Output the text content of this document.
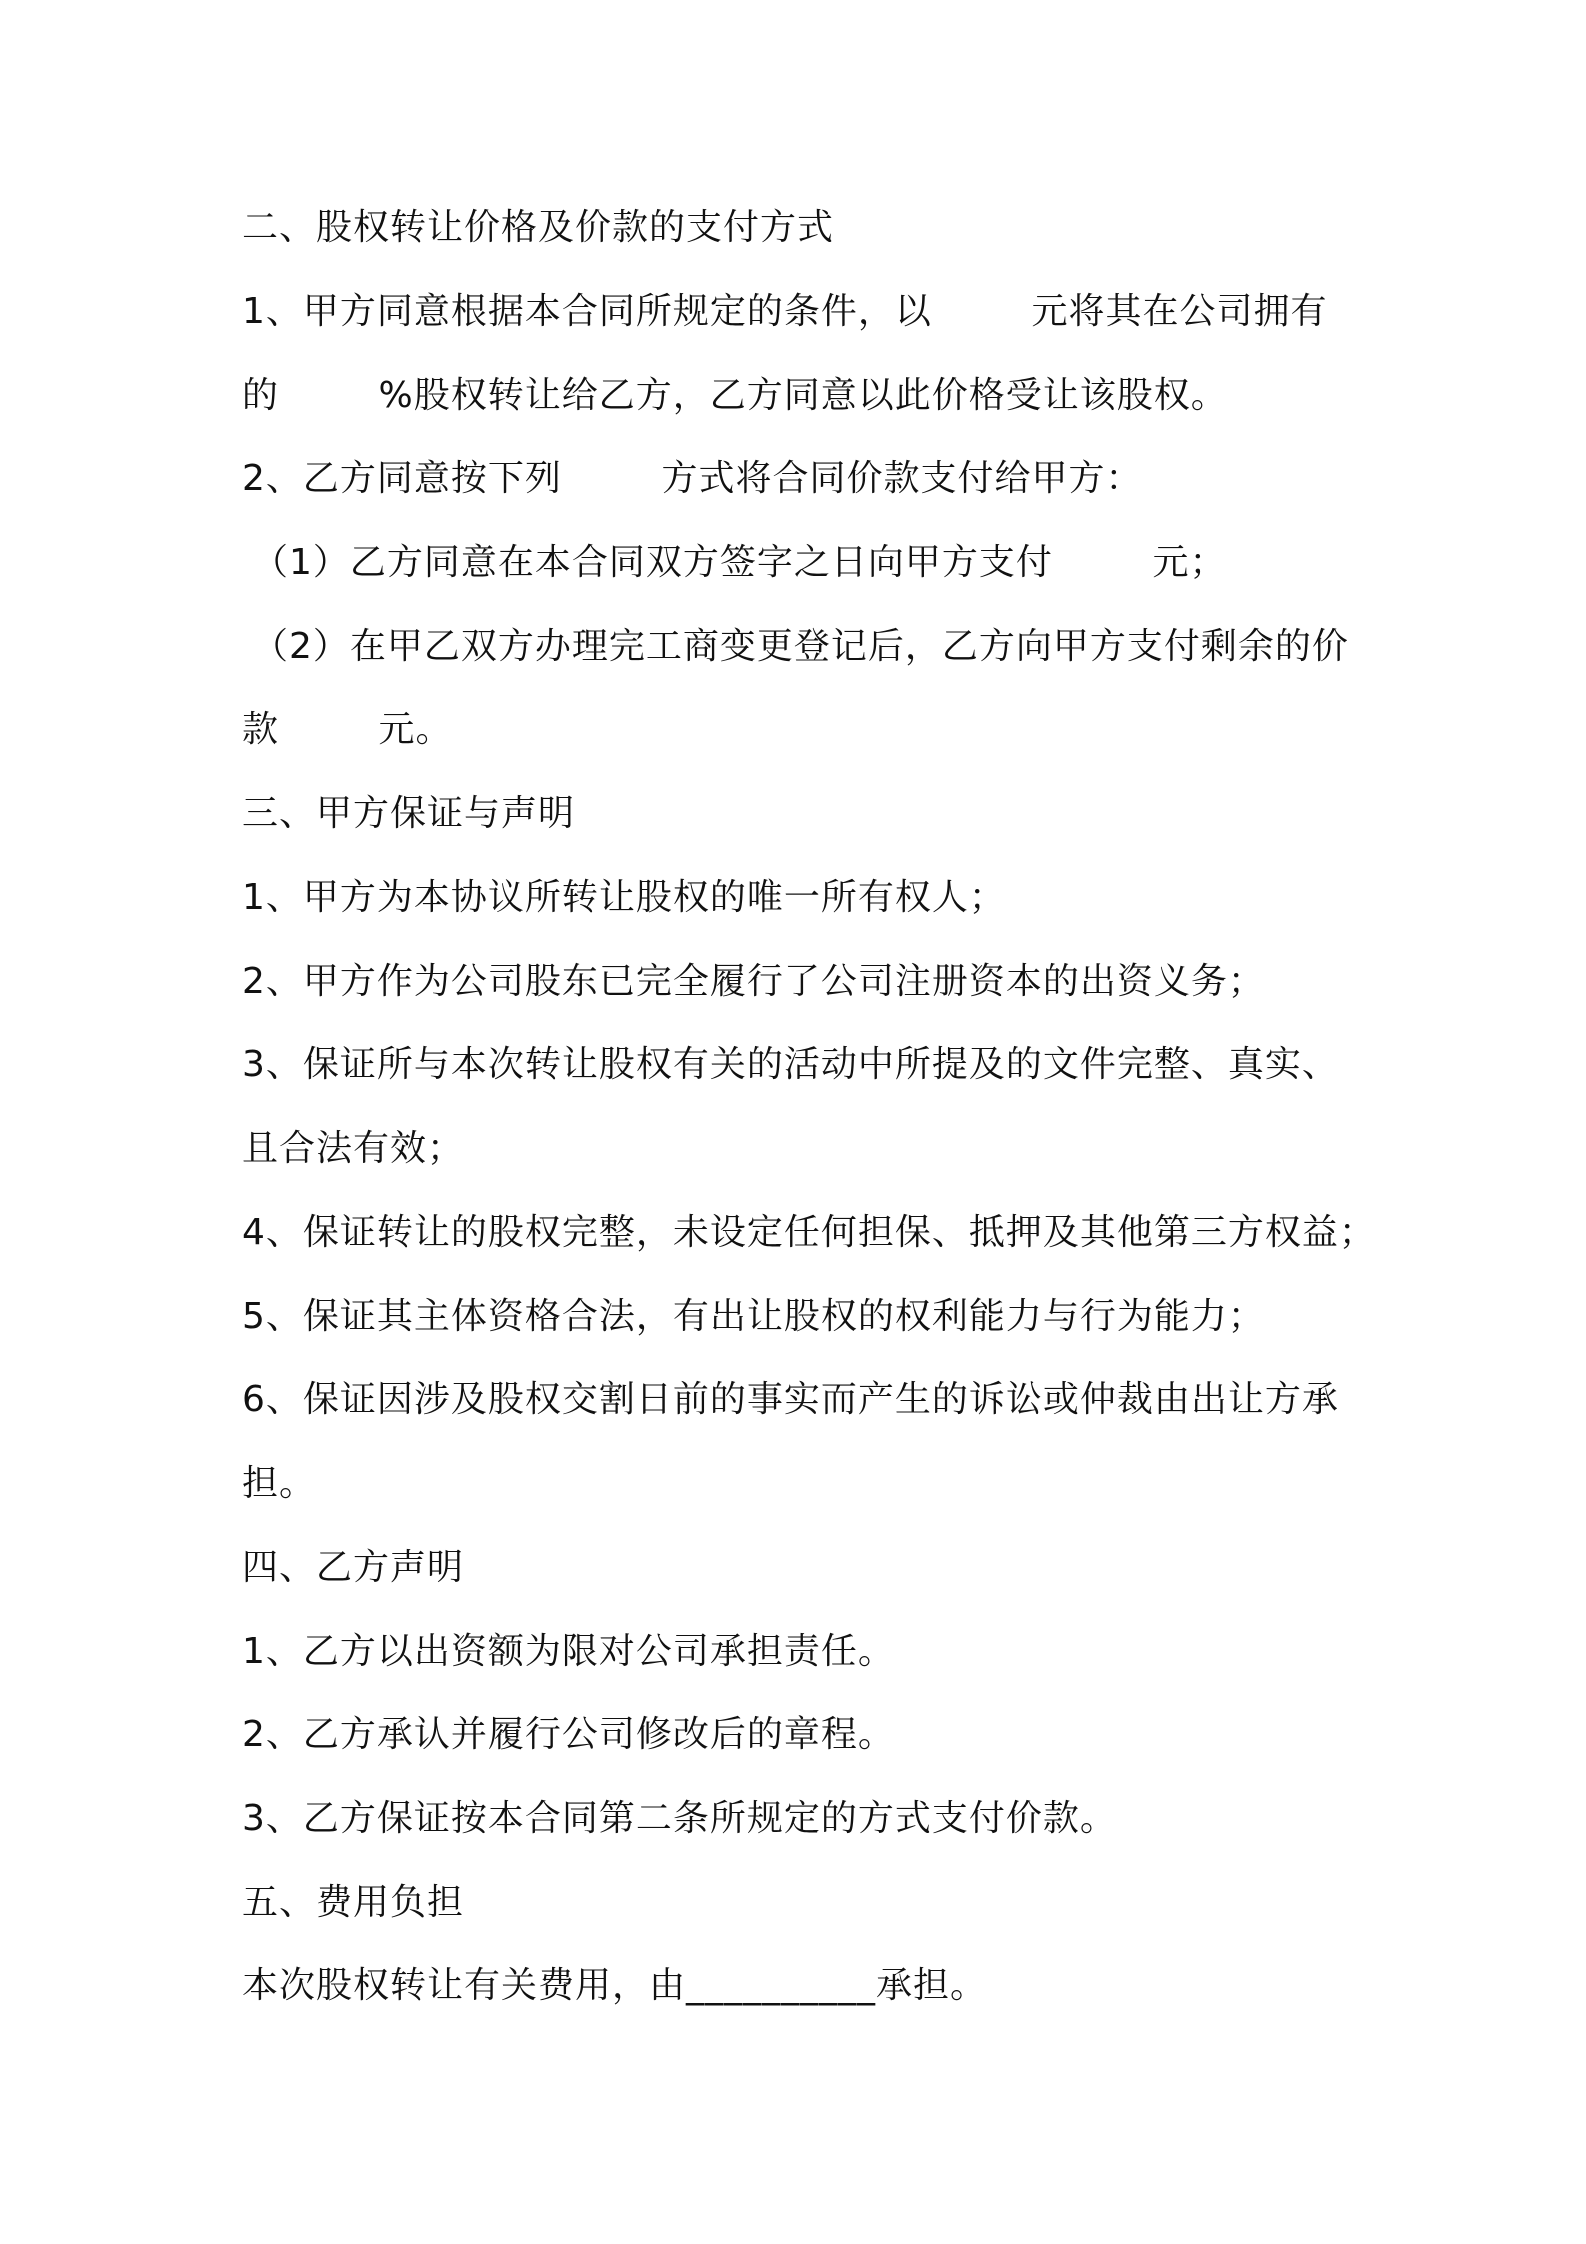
二、股权转让价格及价款的支付方式

1、甲方同意根据本合同所规定的条件，以        元将其在公司拥有

的        %股权转让给乙方，乙方同意以此价格受让该股权。

2、乙方同意按下列        方式将合同价款支付给甲方：

（1）乙方同意在本合同双方签字之日向甲方支付        元；

（2）在甲乙双方办理完工商变更登记后，乙方向甲方支付剩余的价

款        元。

三、甲方保证与声明

1、甲方为本协议所转让股权的唯一所有权人；

2、甲方作为公司股东已完全履行了公司注册资本的出资义务；

3、保证所与本次转让股权有关的活动中所提及的文件完整、真实、

且合法有效；

4、保证转让的股权完整，未设定任何担保、抵押及其他第三方权益；

5、保证其主体资格合法，有出让股权的权利能力与行为能力；

6、保证因涉及股权交割日前的事实而产生的诉讼或仲裁由出让方承

担。

四、乙方声明

1、乙方以出资额为限对公司承担责任。

2、乙方承认并履行公司修改后的章程。

3、乙方保证按本合同第二条所规定的方式支付价款。

五、费用负担

本次股权转让有关费用，由__________承担。
